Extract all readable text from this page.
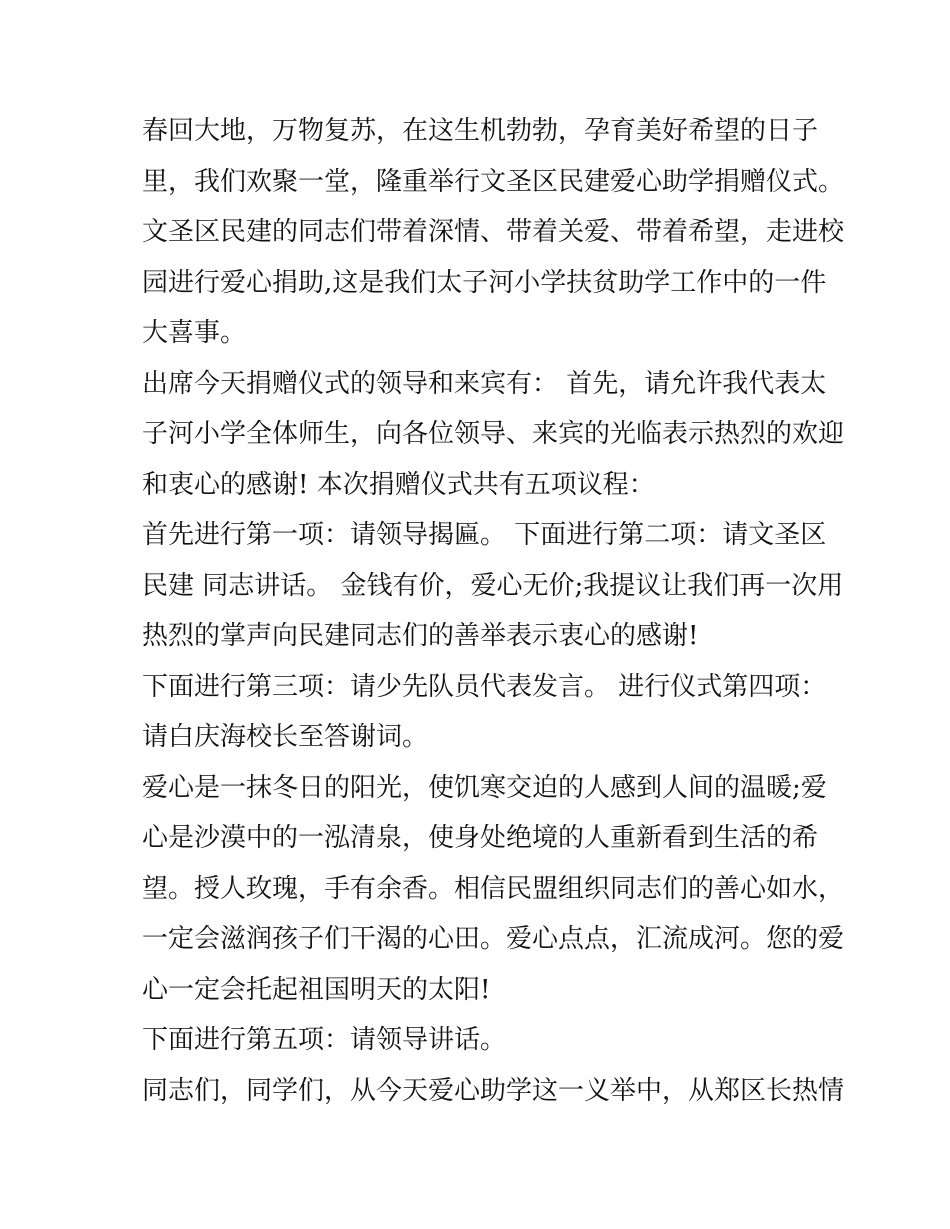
春回大地，万物复苏，在这生机勃勃，孕育美好希望的日子
里，我们欢聚一堂，隆重举行文圣区民建爱心助学捐赠仪式。
文圣区民建的同志们带着深情、带着关爱、带着希望，走进校
园进行爱心捐助,这是我们太子河小学扶贫助学工作中的一件
大喜事。
出席今天捐赠仪式的领导和来宾有： 首先，请允许我代表太
子河小学全体师生，向各位领导、来宾的光临表示热烈的欢迎
和衷心的感谢! 本次捐赠仪式共有五项议程：
首先进行第一项：请领导揭匾。 下面进行第二项：请文圣区
民建 同志讲话。 金钱有价，爱心无价;我提议让我们再一次用
热烈的掌声向民建同志们的善举表示衷心的感谢!
下面进行第三项：请少先队员代表发言。 进行仪式第四项：
请白庆海校长至答谢词。
爱心是一抹冬日的阳光，使饥寒交迫的人感到人间的温暖;爱
心是沙漠中的一泓清泉，使身处绝境的人重新看到生活的希
望。授人玫瑰，手有余香。相信民盟组织同志们的善心如水，
一定会滋润孩子们干渴的心田。爱心点点，汇流成河。您的爱
心一定会托起祖国明天的太阳!
下面进行第五项：请领导讲话。
同志们，同学们，从今天爱心助学这一义举中，从郑区长热情
